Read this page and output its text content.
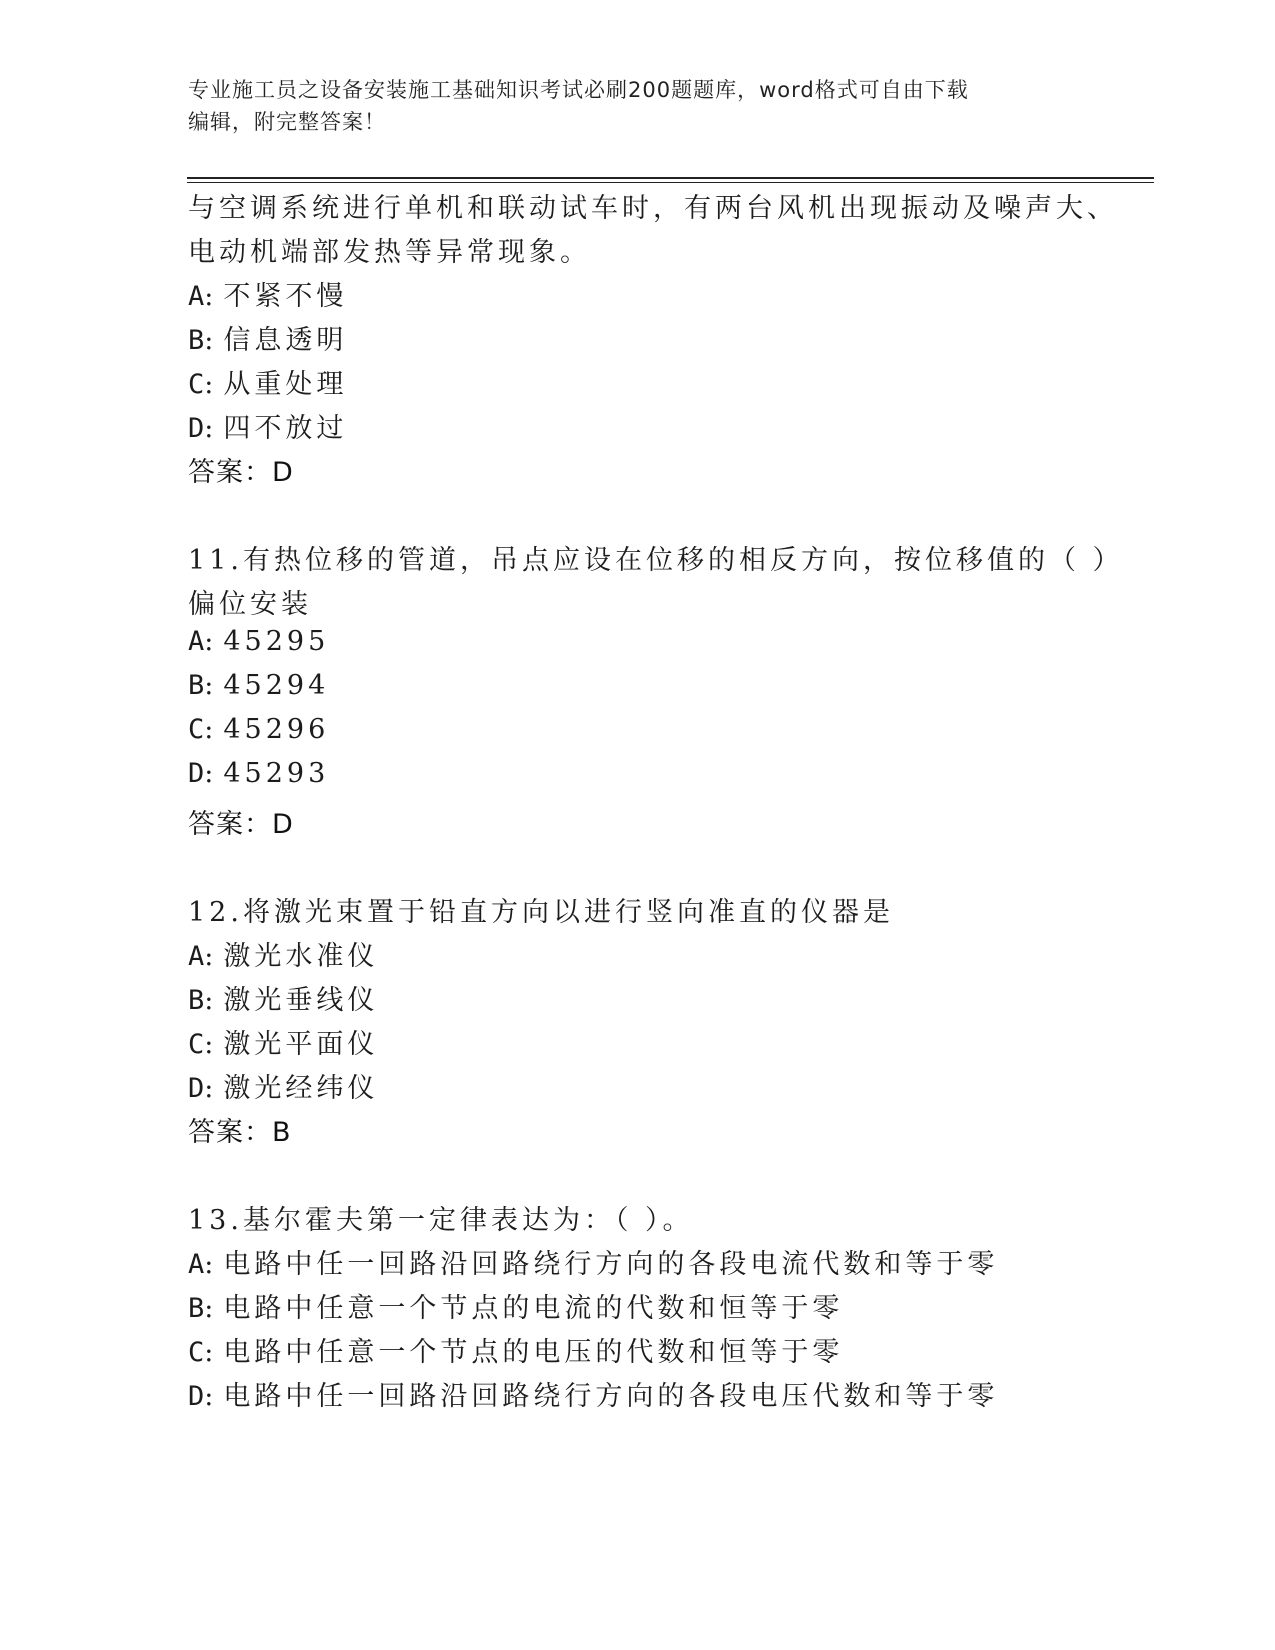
专业施工员之设备安装施工基础知识考试必刷200题题库，word格式可自由下载
编辑，附完整答案！
与空调系统进行单机和联动试车时，有两台风机出现振动及噪声大、
电动机端部发热等异常现象。
A: 不紧不慢
B: 信息透明
C: 从重处理
D: 四不放过
答案：D
11.有热位移的管道，吊点应设在位移的相反方向，按位移值的（ ）
偏位安装
A: 45295
B: 45294
C: 45296
D: 45293
答案：D
12.将激光束置于铅直方向以进行竖向准直的仪器是
A: 激光水准仪
B: 激光垂线仪
C: 激光平面仪
D: 激光经纬仪
答案：B
13.基尔霍夫第一定律表达为：（ ）。
A: 电路中任一回路沿回路绕行方向的各段电流代数和等于零
B: 电路中任意一个节点的电流的代数和恒等于零
C: 电路中任意一个节点的电压的代数和恒等于零
D: 电路中任一回路沿回路绕行方向的各段电压代数和等于零
